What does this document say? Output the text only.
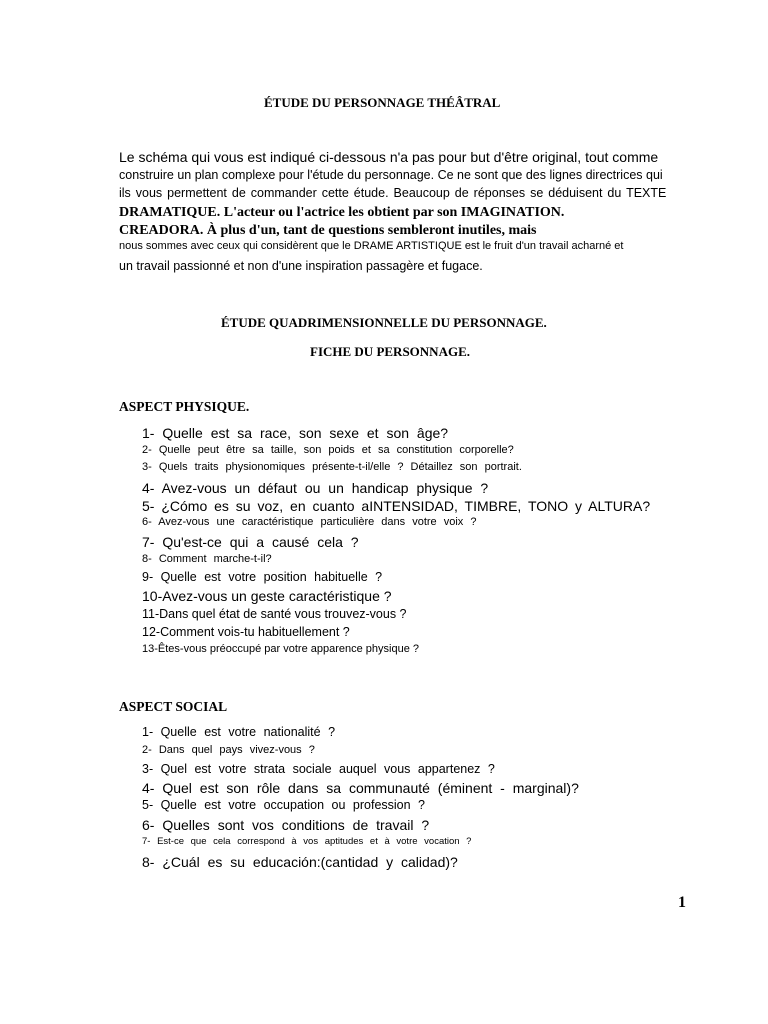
ÉTUDE DU PERSONNAGE THÉÂTRAL
Le schéma qui vous est indiqué ci-dessous n'a pas pour but d'être original, tout comme
construire un plan complexe pour l'étude du personnage. Ce ne sont que des lignes directrices qui
ils vous permettent de commander cette étude. Beaucoup de réponses se déduisent du TEXTE
DRAMATIQUE. L'acteur ou l'actrice les obtient par son IMAGINATION.
CREADORA. À plus d'un, tant de questions sembleront inutiles, mais
nous sommes avec ceux qui considèrent que le DRAME ARTISTIQUE est le fruit d'un travail acharné et
un travail passionné et non d'une inspiration passagère et fugace.
ÉTUDE QUADRIMENSIONNELLE DU PERSONNAGE.
FICHE DU PERSONNAGE.
ASPECT PHYSIQUE.
1- Quelle est sa race, son sexe et son âge?
2- Quelle peut être sa taille, son poids et sa constitution corporelle?
3- Quels traits physionomiques présente-t-il/elle ? Détaillez son portrait.
4- Avez-vous un défaut ou un handicap physique ?
5- ¿Cómo es su voz, en cuanto aINTENSIDAD, TIMBRE, TONO y ALTURA?
6- Avez-vous une caractéristique particulière dans votre voix ?
7- Qu'est-ce qui a causé cela ?
8- Comment marche-t-il?
9- Quelle est votre position habituelle ?
10-Avez-vous un geste caractéristique ?
11-Dans quel état de santé vous trouvez-vous ?
12-Comment vois-tu habituellement ?
13-Êtes-vous préoccupé par votre apparence physique ?
ASPECT SOCIAL
1- Quelle est votre nationalité ?
2- Dans quel pays vivez-vous ?
3- Quel est votre strata sociale auquel vous appartenez ?
4- Quel est son rôle dans sa communauté (éminent - marginal)?
5- Quelle est votre occupation ou profession ?
6- Quelles sont vos conditions de travail ?
7- Est-ce que cela correspond à vos aptitudes et à votre vocation ?
8- ¿Cuál es su educación:(cantidad y calidad)?
1
